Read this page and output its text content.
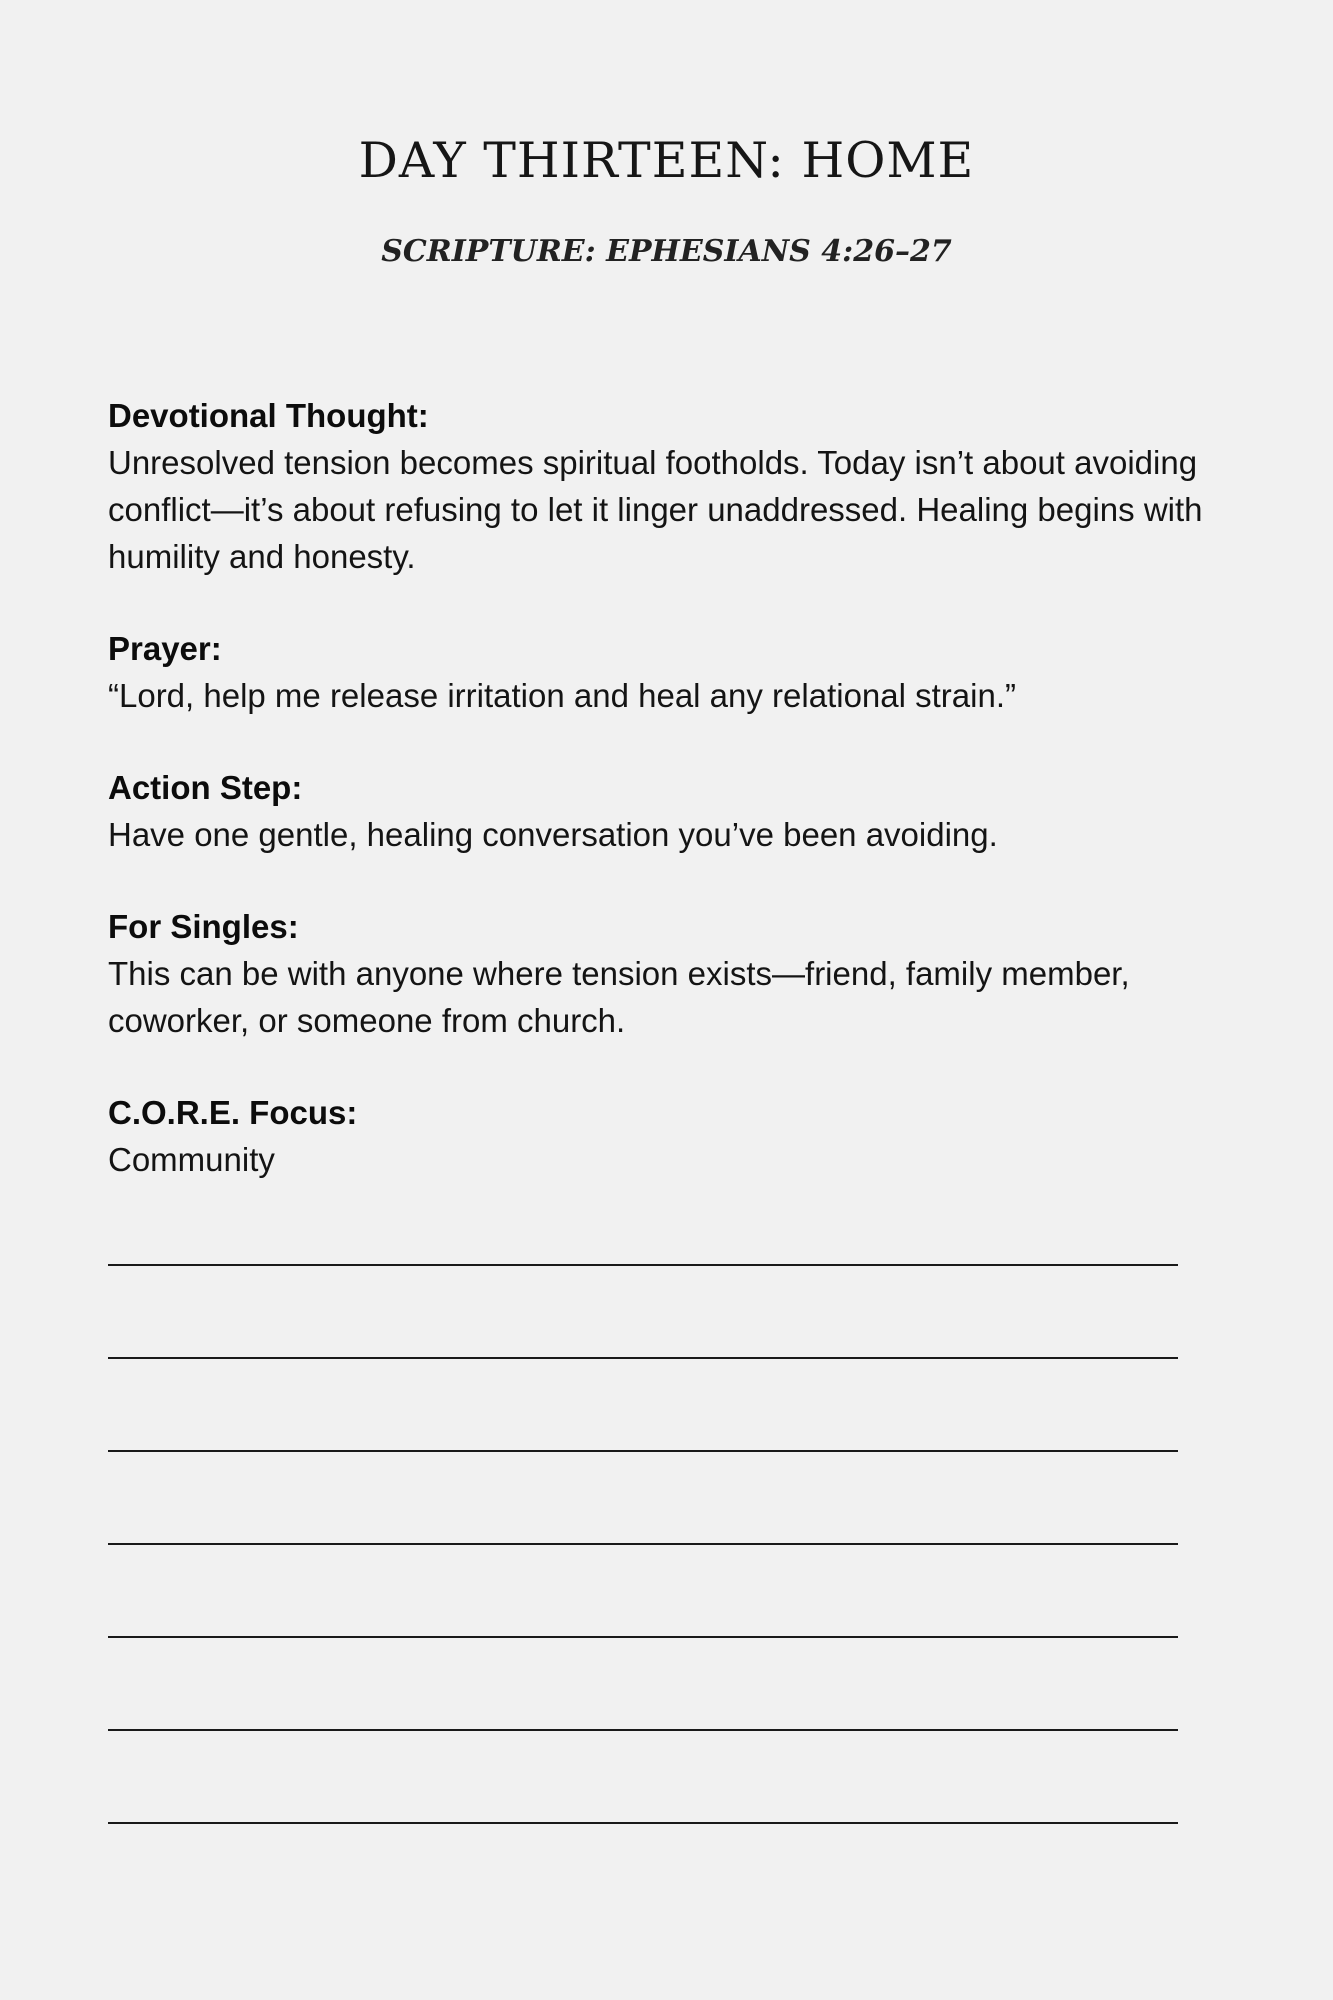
DAY THIRTEEN: HOME
SCRIPTURE: EPHESIANS 4:26–27

Devotional Thought:

Unresolved tension becomes spiritual footholds. Today isn’t about avoiding conflict—it’s about refusing to let it linger unaddressed. Healing begins with humility and honesty.

Prayer:

“Lord, help me release irritation and heal any relational strain.”

Action Step:

Have one gentle, healing conversation you’ve been avoiding.

For Singles:

This can be with anyone where tension exists—friend, family member, coworker, or someone from church.

C.O.R.E. Focus:

Community
